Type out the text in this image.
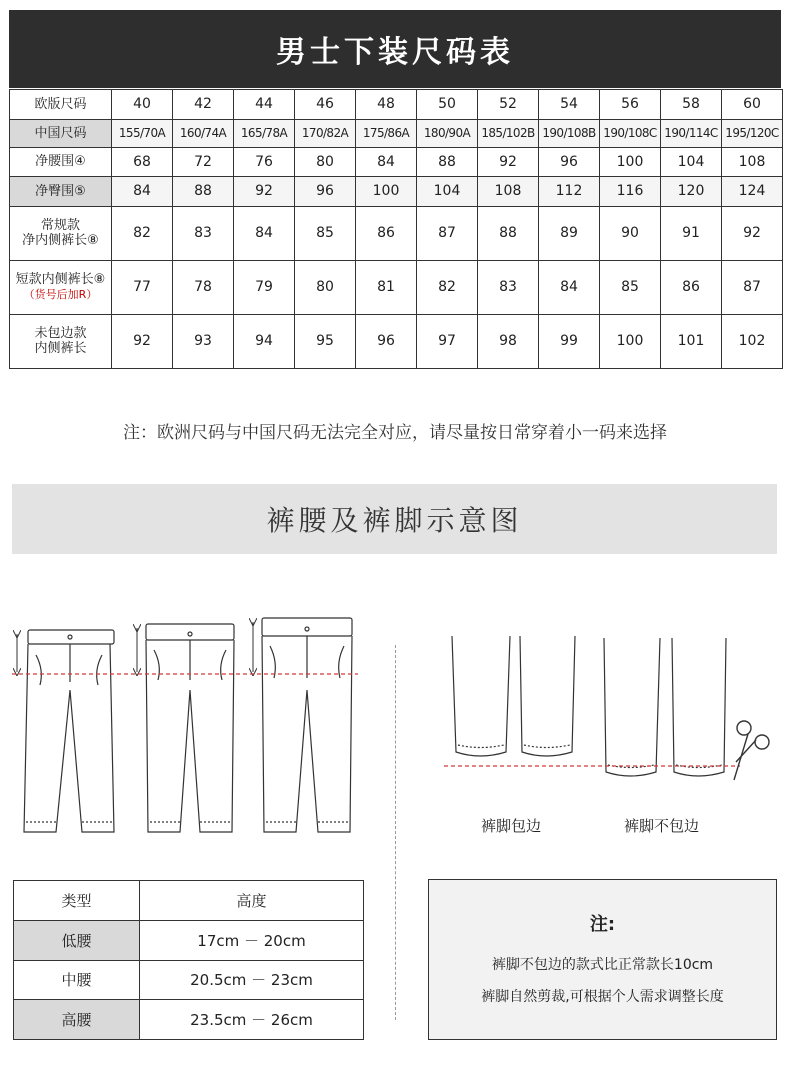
男士下装尺码表
欧版尺码	40	42	44	46	48	50	52	54	56	58	60

中国尺码	155/70A	160/74A	165/78A	170/82A	175/86A	180/90A	185/102B	190/108B	190/108C	190/114C	195/120C

净腰围④	68	72	76	80	84	88	92	96	100	104	108

净臀围⑤	84	88	92	96	100	104	108	112	116	120	124

常规款
净内侧裤长⑧	82	83	84	85	86	87	88	89	90	91	92

短款内侧裤长⑧
（货号后加R）	77	78	79	80	81	82	83	84	85	86	87

未包边款
内侧裤长	92	93	94	95	96	97	98	99	100	101	102
注：欧洲尺码与中国尺码无法完全对应，请尽量按日常穿着小一码来选择
裤腰及裤脚示意图
裤脚包边	裤脚不包边
类型	高度
低腰	17cm － 20cm
中腰	20.5cm － 23cm
高腰	23.5cm － 26cm
注:
裤脚不包边的款式比正常款长10cm
裤脚自然剪裁,可根据个人需求调整长度
